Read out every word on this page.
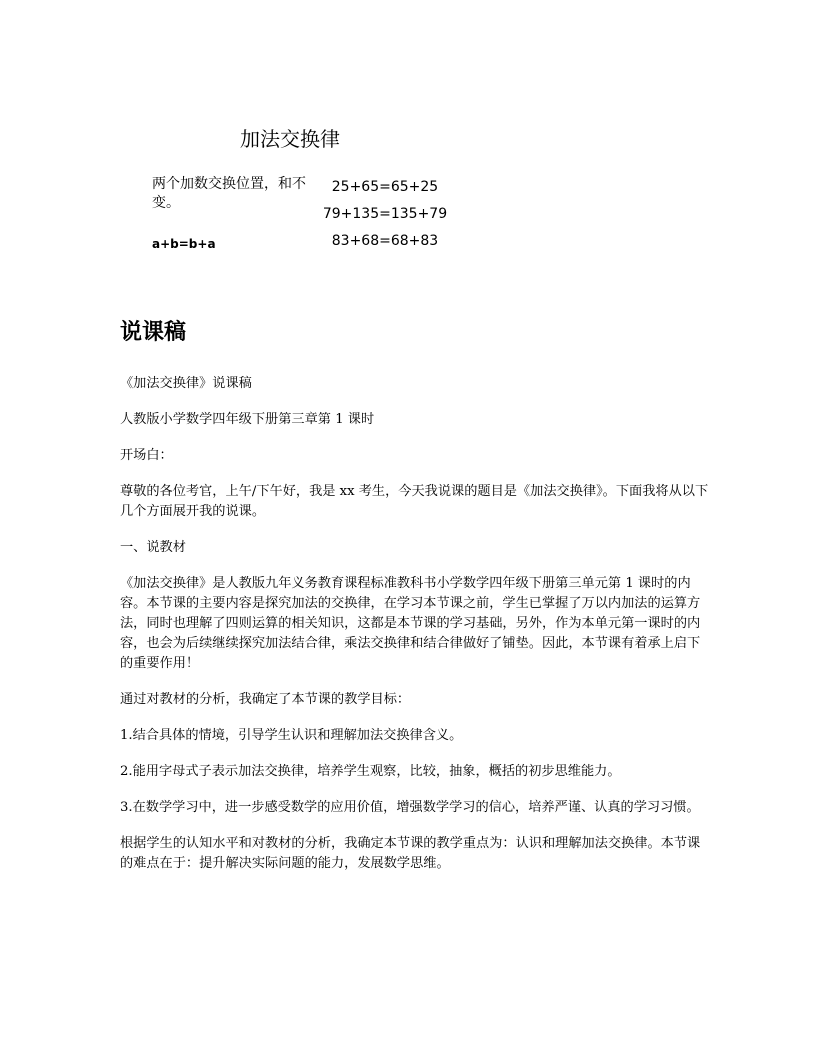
加法交换律
两个加数交换位置，和不变。
a+b=b+a
25+65=65+25
79+135=135+79
83+68=68+83
说课稿

《加法交换律》说课稿

人教版小学数学四年级下册第三章第 1 课时

开场白：

尊敬的各位考官，上午/下午好，我是 xx 考生，今天我说课的题目是《加法交换律》。下面我将从以下几个方面展开我的说课。

一、说教材

《加法交换律》是人教版九年义务教育课程标准教科书小学数学四年级下册第三单元第 1 课时的内容。本节课的主要内容是探究加法的交换律，在学习本节课之前，学生已掌握了万以内加法的运算方法，同时也理解了四则运算的相关知识，这都是本节课的学习基础，另外，作为本单元第一课时的内容，也会为后续继续探究加法结合律，乘法交换律和结合律做好了铺垫。因此，本节课有着承上启下的重要作用！

通过对教材的分析，我确定了本节课的教学目标：

1.结合具体的情境，引导学生认识和理解加法交换律含义。

2.能用字母式子表示加法交换律，培养学生观察，比较，抽象，概括的初步思维能力。

3.在数学学习中，进一步感受数学的应用价值，增强数学学习的信心，培养严谨、认真的学习习惯。

根据学生的认知水平和对教材的分析，我确定本节课的教学重点为：认识和理解加法交换律。本节课的难点在于：提升解决实际问题的能力，发展数学思维。
